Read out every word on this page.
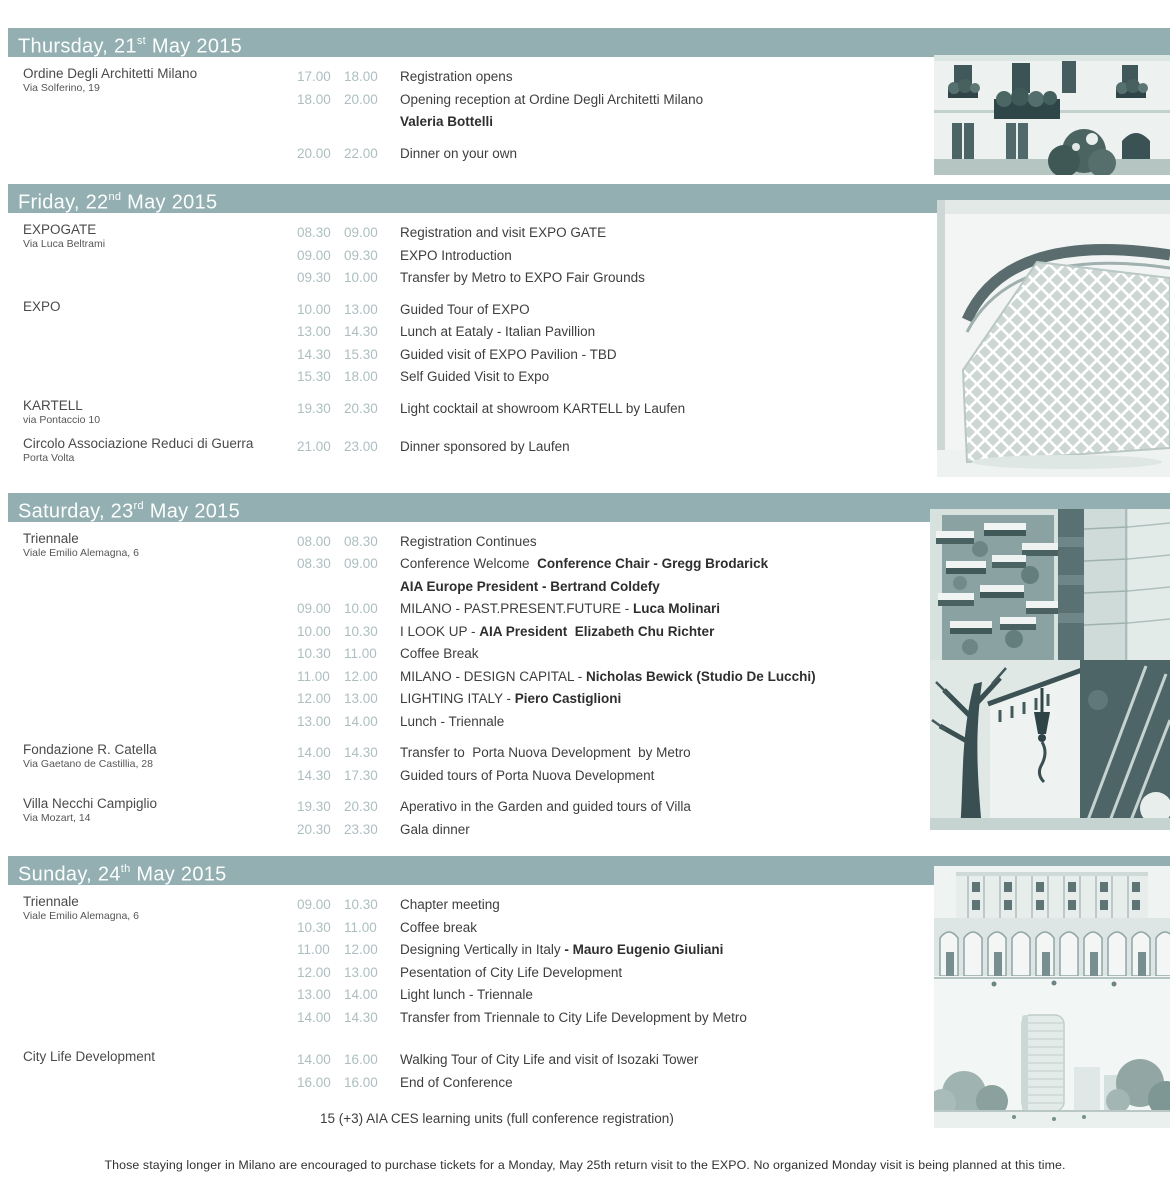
Thursday, 21st May 2015
Ordine Degli Architetti Milano
Via Solferino, 19
17.00 18.00	Registration opens
18.00 20.00	Opening reception at Ordine Degli Architetti Milano
Valeria Bottelli
20.00 22.00	Dinner on your own
Friday, 22nd May 2015
EXPOGATE
Via Luca Beltrami
08.30 09.00	Registration and visit EXPO GATE
09.00 09.30	EXPO Introduction
09.30 10.00	Transfer by Metro to EXPO Fair Grounds
EXPO	10.00 13.00	Guided Tour of EXPO
13.00 14.30	Lunch at Eataly - Italian Pavillion
14.30 15.30	Guided visit of EXPO Pavilion - TBD
15.30 18.00	Self Guided Visit to Expo
KARTELL
via Pontaccio 10
19.30 20.30	Light cocktail at showroom KARTELL by Laufen
Circolo Associazione Reduci di Guerra
Porta Volta
21.00 23.00	Dinner sponsored by Laufen
Saturday, 23rd May 2015
Triennale
Viale Emilio Alemagna, 6
08.00 08.30	Registration Continues
08.30 09.00	Conference Welcome  Conference Chair - Gregg Brodarick
AIA Europe President - Bertrand Coldefy
09.00 10.00	MILANO - PAST.PRESENT.FUTURE - Luca Molinari
10.00 10.30	I LOOK UP - AIA President  Elizabeth Chu Richter
10.30 11.00	Coffee Break
11.00	12.00	MILANO - DESIGN CAPITAL - Nicholas Bewick (Studio De Lucchi)
12.00 13.00	LIGHTING ITALY - Piero Castiglioni
13.00 14.00	Lunch - Triennale
Fondazione R. Catella
Via Gaetano de Castillia, 28
14.00 14.30	Transfer to  Porta Nuova Development  by Metro
14.30 17.30	Guided tours of Porta Nuova Development
Villa Necchi Campiglio
Via Mozart, 14
19.30 20.30	Aperativo in the Garden and guided tours of Villa
20.30 23.30	Gala dinner
Sunday, 24th May 2015
Triennale
Viale Emilio Alemagna, 6
09.00 10.30	Chapter meeting
10.30 11.00	Coffee break
11.00	12.00	Designing Vertically in Italy - Mauro Eugenio Giuliani
12.00 13.00	Pesentation of City Life Development
13.00 14.00	Light lunch - Triennale
14.00 14.30	Transfer from Triennale to City Life Development by Metro
City Life Development	14.00 16.00	Walking Tour of City Life and visit of Isozaki Tower
16.00 16.00	End of Conference
15 (+3) AIA CES learning units (full conference registration)
Those staying longer in Milano are encouraged to purchase tickets for a Monday, May 25th return visit to the EXPO. No organized Monday visit is being planned at this time.
